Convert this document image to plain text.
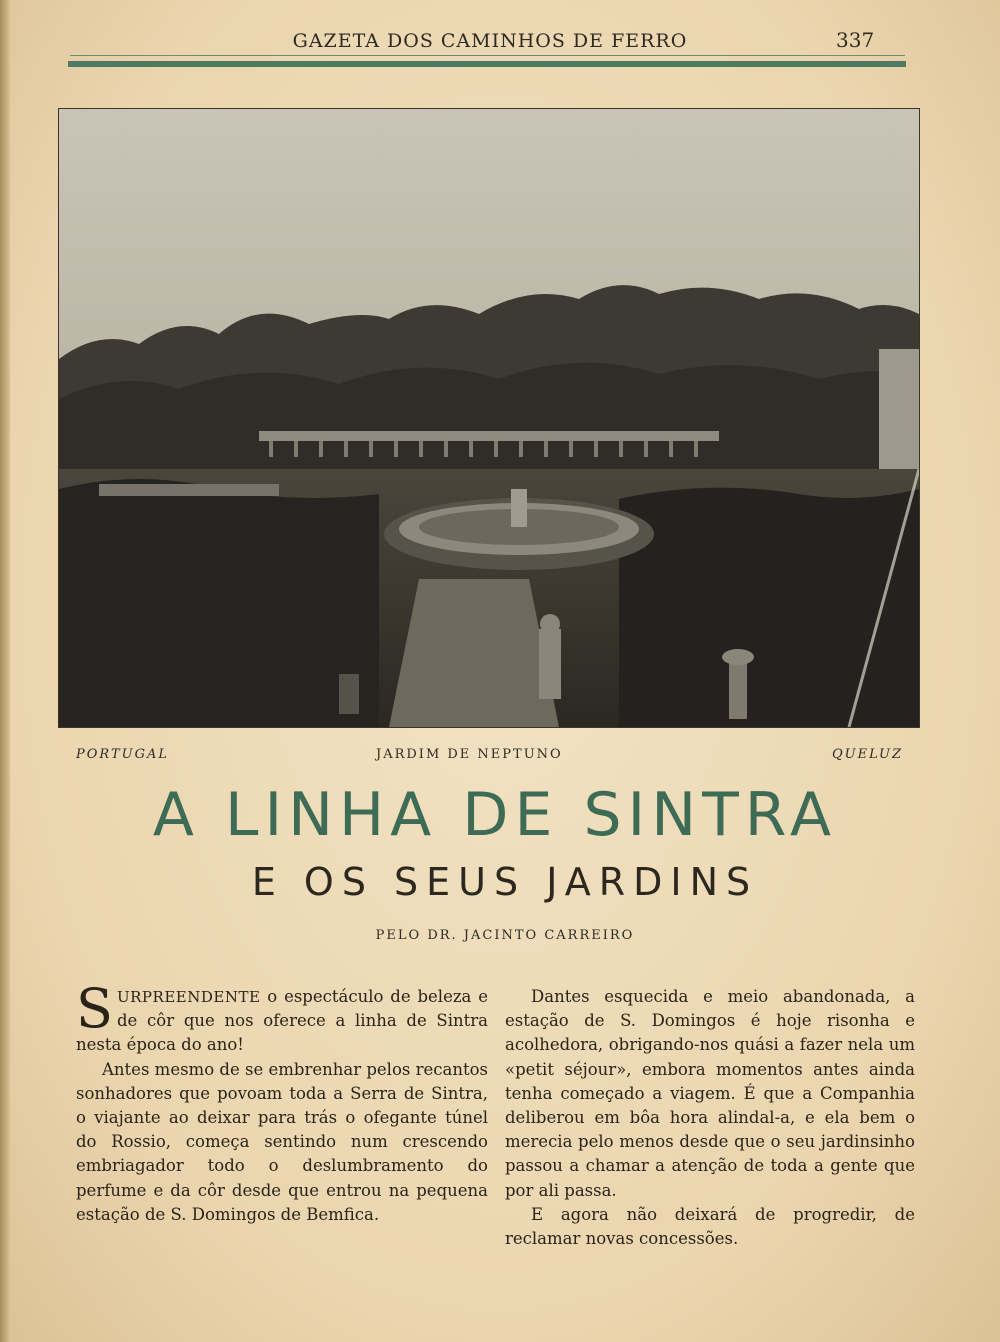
GAZETA DOS CAMINHOS DE FERRO	337
PORTUGAL	JARDIM DE NEPTUNO	QUELUZ
A LINHA DE SINTRA
E OS SEUS JARDINS
PELO DR. JACINTO CARREIRO

SURPREENDENTE o espectáculo de beleza e de côr que nos oferece a linha de Sintra nesta época do ano!

Antes mesmo de se embrenhar pelos recantos sonhadores que povoam toda a Serra de Sintra, o viajante ao deixar para trás o ofegante túnel do Rossio, começa sentindo num crescendo embriagador todo o deslumbramento do perfume e da côr desde que entrou na pequena estação de S. Domingos de Bemfica.

Dantes esquecida e meio abandonada, a estação de S. Domingos é hoje risonha e acolhedora, obrigando-nos quási a fazer nela um «petit séjour», embora momentos antes ainda tenha começado a viagem. É que a Companhia deliberou em bôa hora alindal-a, e ela bem o merecia pelo menos desde que o seu jardinsinho passou a chamar a atenção de toda a gente que por ali passa.

E agora não deixará de progredir, de reclamar novas concessões.
